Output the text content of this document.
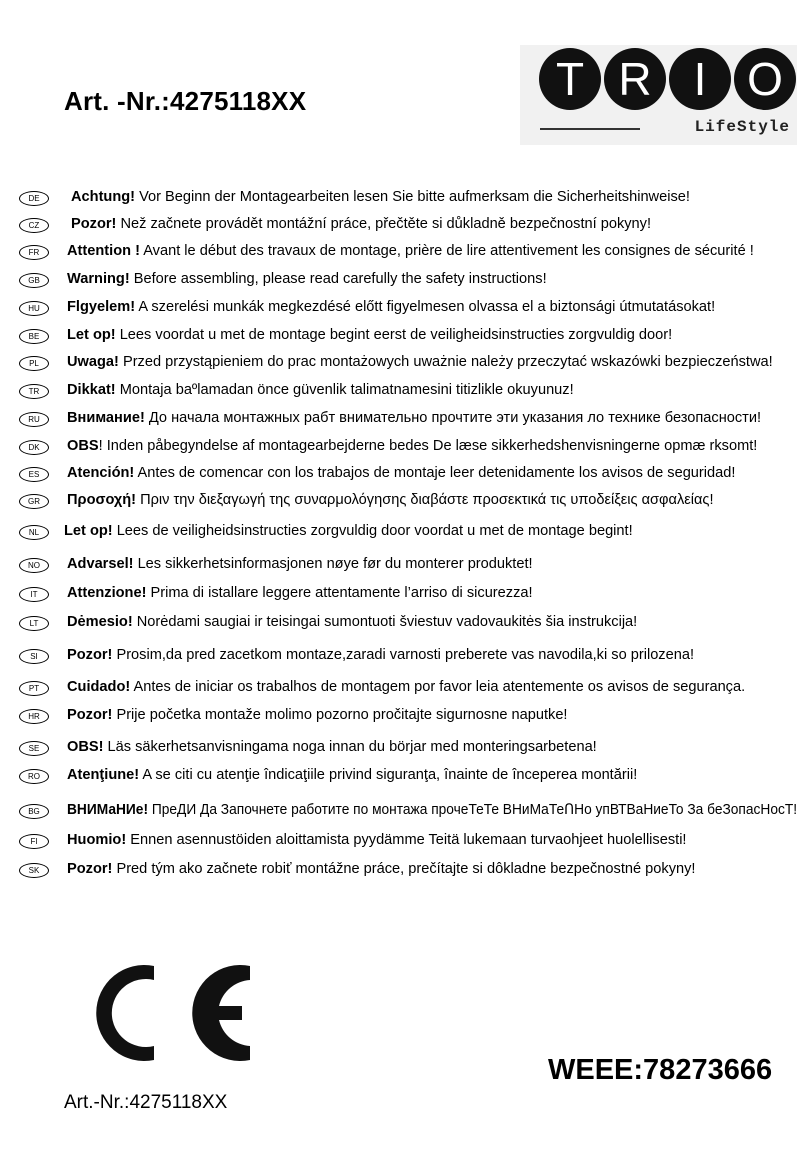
Art. -Nr.:4275118XX	T R I O
LifeStyle
DE	Achtung! Vor Beginn der Montagearbeiten lesen Sie bitte aufmerksam die Sicherheitshinweise!
CZ	Pozor! Než začnete provádět montážní práce, přečtěte si důkladně bezpečnostní pokyny!
FR	Attention ! Avant le début des travaux de montage, prière de lire attentivement les consignes de sécurité !
GB	Warning! Before assembling, please read carefully the safety instructions!
HU	Flgyelem! A szerelési munkák megkezdésé előtt figyelmesen olvassa el a biztonsági útmutatásokat!
BE	Let op! Lees voordat u met de montage begint eerst de veiligheidsinstructies zorgvuldig door!
PL	Uwaga! Przed przystąpieniem do prac montażowych uważnie należy przeczytać wskazówki bezpieczeństwa!
TR	Dikkat! Montaja baºlamadan önce güvenlik talimatnamesini titizlikle okuyunuz!
RU	Внимание! До начала монтажных рабт внимательно прочтите эти указания ло технике безопасности!
DK	OBS! Inden påbegyndelse af montagearbejderne bedes De læse sikkerhedshenvisningerne opmæ rksomt!
ES	Atención! Antes de comencar con los trabajos de montaje leer detenidamente los avisos de seguridad!
GR	Προσοχή! Πριν την διεξαγωγή της συναρμολόγησης διαβάστε προσεκτικά τις υποδείξεις ασφαλείας!
NL	Let op! Lees de veiligheidsinstructies zorgvuldig door voordat u met de montage begint!
NO	Advarsel! Les sikkerhetsinformasjonen nøye før du monterer produktet!
IT	Attenzione! Prima di istallare leggere attentamente l’arriso di sicurezza!
LT	Dėmesio! Norėdami saugiai ir teisingai sumontuoti šviestuv vadovaukitės šia instrukcija!
SI	Pozor! Prosim,da pred zacetkom montaze,zaradi varnosti preberete vas navodila,ki so prilozena!
PT	Cuidado! Antes de iniciar os trabalhos de montagem por favor leia atentemente os avisos de segurança.
HR	Pozor! Prije početka montaže molimo pozorno pročitajte sigurnosne naputke!
SE	OBS! Läs säkerhetsanvisningama noga innan du börjar med monteringsarbetena!
RO	Atenţiune! A se citi cu atenţie îndicaţiile privind siguranţa, înainte de începerea montării!
BG	ВНИМаНИе! ПреДИ Да Започнете работите по монтажа прочеТеТе ВНиМаТеՈНо упВТВаНиеТо За беЗопасНосТ!
FI	Huomio! Ennen asennustöiden aloittamista pyydämme Teitä lukemaan turvaohjeet huolellisesti!
SK	Pozor! Pred tým ako začnete robiť montážne práce, prečítajte si dôkladne bezpečnostné pokyny!
Art.-Nr.:4275118XX
WEEE:78273666
